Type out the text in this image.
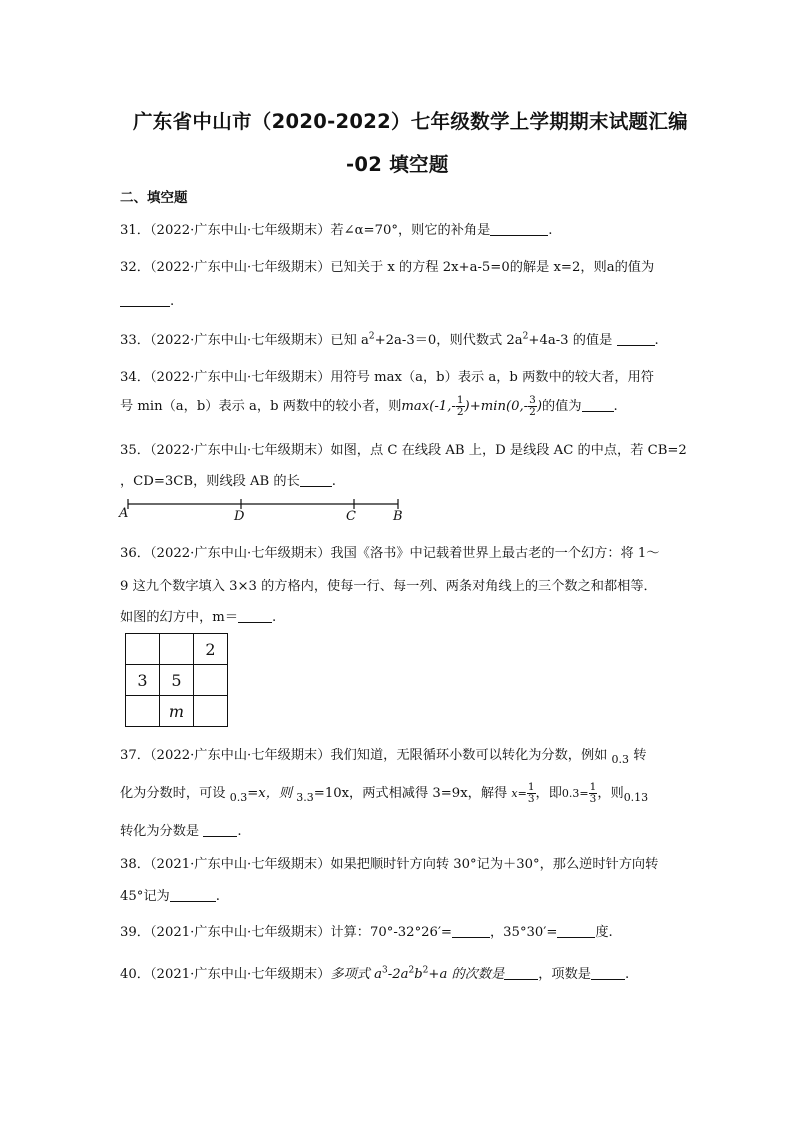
广东省中山市（2020-2022）七年级数学上学期期末试题汇编
-02 填空题
二、填空题
31．（2022·广东中山·七年级期末）若∠α=70°，则它的补角是	.
32．（2022·广东中山·七年级期末）已知关于 x 的方程 2x+a-5=0的解是 x=2，则a的值为
.
33．（2022·广东中山·七年级期末）已知 $a^2+2a-3=0$，则代数式 $2a^2+4a-3$ 的值是	.
34．（2022·广东中山·七年级期末）用符号 max（a，b）表示 a，b 两数中的较大者，用符
号 min（a，b）表示 a，b 两数中的较小者，则$\max(-1,- \frac{1}{2} )+\min(0,- \frac{3}{2}$ )的值为 .
35．（2022·广东中山·七年级期末）如图，点 C 在线段 AB 上，D 是线段 AC 的中点，若 CB=2
，CD=3CB，则线段 AB 的长 .
A	D	C	B
36．（2022·广东中山·七年级期末）我国《洛书》中记载着世界上最古老的一个幻方：将 1～
9 这九个数字填入 3×3 的方格内，使每一行、每一列、两条对角线上的三个数之和都相等．
如图的幻方中，m＝	.
		2
3	5	
	m	
37．（2022·广东中山·七年级期末）我们知道，无限循环小数可以转化为分数，例如 $_{0.3}$ 转
化为分数时，可设 $_{0.3}$=x，则 $_{3.3}$=10x，两式相减得 3=9x，解得 $x= \frac{1}{3}$ ，即$0.3= \frac{1}{3}$ ，则$_{0.13}$
转化为分数是	.
38．（2021·广东中山·七年级期末）如果把顺时针方向转 30°记为＋30°，那么逆时针方向转
45°记为	.
39．（2021·广东中山·七年级期末）计算：70°-32°26′=	，35°30′=	度.
40．（2021·广东中山·七年级期末）多项式 $a^3-2a^2b^2+a$ 的次数是	，项数是	.
